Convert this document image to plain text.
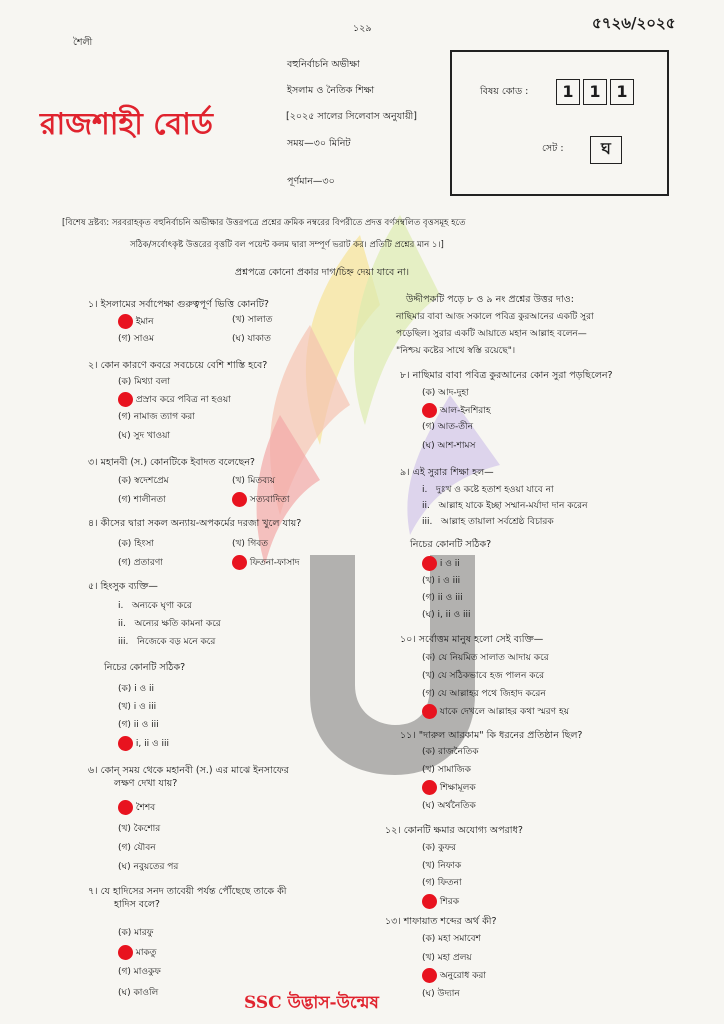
শৈলী
১২৯	৫৭২৬/২০২৫
বহুনির্বাচনি অভীক্ষা
ইসলাম ও নৈতিক শিক্ষা
[২০২৫ সালের সিলেবাস অনুযায়ী]
সময়—৩০ মিনিট
পূর্ণমান—৩০
রাজশাহী বোর্ড
বিষয় কোড :	1 1 1
সেট :	ঘ
[বিশেষ দ্রষ্টব্য: সরবরাহকৃত বহুনির্বাচনি অভীক্ষার উত্তরপত্রে প্রশ্নের ক্রমিক নম্বরের বিপরীতে প্রদত্ত বর্ণসম্বলিত বৃত্তসমূহ হতে
সঠিক/সর্বোৎকৃষ্ট উত্তরের বৃত্তটি বল পয়েন্ট কলম দ্বারা সম্পূর্ণ ভরাট কর। প্রতিটি প্রশ্নের মান ১।]
প্রশ্নপত্রে কোনো প্রকার দাগ/চিহ্ন দেয়া যাবে না।
১। ইসলামের সর্বাপেক্ষা গুরুত্বপূর্ণ ভিত্তি কোনটি?
ইমান	(খ) সালাত
(গ) সাওম	(ঘ) যাকাত
২। কোন কারণে কবরে সবচেয়ে বেশি শাস্তি হবে?
(ক) মিথ্যা বলা
প্রস্রাব করে পবিত্র না হওয়া
(গ) নামাজ ত্যাগ করা
(ঘ) সুদ খাওয়া
৩। মহানবী (স.) কোনটিকে ইবাদত বলেছেন?
(ক) স্বদেশপ্রেম	(খ) মিতব্যয়
(গ) শালীনতা	সত্যবাদিতা
৪। কীসের দ্বারা সকল অন্যায়-অপকর্মের দরজা খুলে যায়?
(ক) হিংসা	(খ) গিবত
(গ) প্রতারণা	ফিতনা-ফাসাদ
৫। হিংসুক ব্যক্তি—
i. অন্যকে ঘৃণা করে
ii. অন্যের ক্ষতি কামনা করে
iii. নিজেকে বড় মনে করে
নিচের কোনটি সঠিক?
(ক) i ও ii
(খ) i ও iii
(গ) ii ও iii
i, ii ও iii
৬। কোন্ সময় থেকে মহানবী (স.) এর মাঝে ইনসাফের
লক্ষণ দেখা যায়?
শৈশব
(খ) কৈশোর
(গ) যৌবন
(ঘ) নবুয়তের পর
৭। যে হাদিসের সনদ তাবেয়ী পর্যন্ত পৌঁছেছে তাকে কী
হাদিস বলে?
(ক) মারফু
মাকতু
(গ) মাওকুফ
(ঘ) কাওলি
উদ্দীপকটি পড়ে ৮ ও ৯ নং প্রশ্নের উত্তর দাও:
নাছিমার বাবা আজ সকালে পবিত্র কুরআনের একটি সুরা
পড়েছিল। সুরার একটি আয়াতে মহান আল্লাহ বলেন—
"নিশ্চয় কষ্টের সাথে স্বস্তি রয়েছে"।
৮। নাছিমার বাবা পবিত্র কুরআনের কোন সুরা পড়ছিলেন?
(ক) আদ-দুহা
আল-ইনশিরাহ
(গ) আত-তীন
(ঘ) আশ-শামস
৯। এই সুরার শিক্ষা হল—
i. দুঃখ ও কষ্টে হতাশ হওয়া যাবে না
ii. আল্লাহ যাকে ইচ্ছা সম্মান-মর্যাদা দান করেন
iii. আল্লাহ তায়ালা সর্বশ্রেষ্ঠ বিচারক
নিচের কোনটি সঠিক?
i ও ii
(খ) i ও iii
(গ) ii ও iii
(ঘ) i, ii ও iii
১০। সর্বোত্তম মানুষ হলো সেই ব্যক্তি—
(ক) যে নিয়মিত সালাত আদায় করে
(খ) যে সঠিকভাবে হজ পালন করে
(গ) যে আল্লাহর পথে জিহাদ করেন
যাকে দেখলে আল্লাহর কথা স্মরণ হয়
১১। "দারুল আরকাম" কি ধরনের প্রতিষ্ঠান ছিল?
(ক) রাজনৈতিক
(খ) সামাজিক
শিক্ষামূলক
(ঘ) অর্থনৈতিক
১২। কোনটি ক্ষমার অযোগ্য অপরাধ?
(ক) কুফর
(খ) নিফাক
(গ) ফিতনা
শিরক
১৩। শাফায়াত শব্দের অর্থ কী?
(ক) মহা সমাবেশ
(খ) মহা প্রলয়
অনুরোধ করা
(ঘ) উদ্যান
SSC উদ্ভাস-উন্মেষ
